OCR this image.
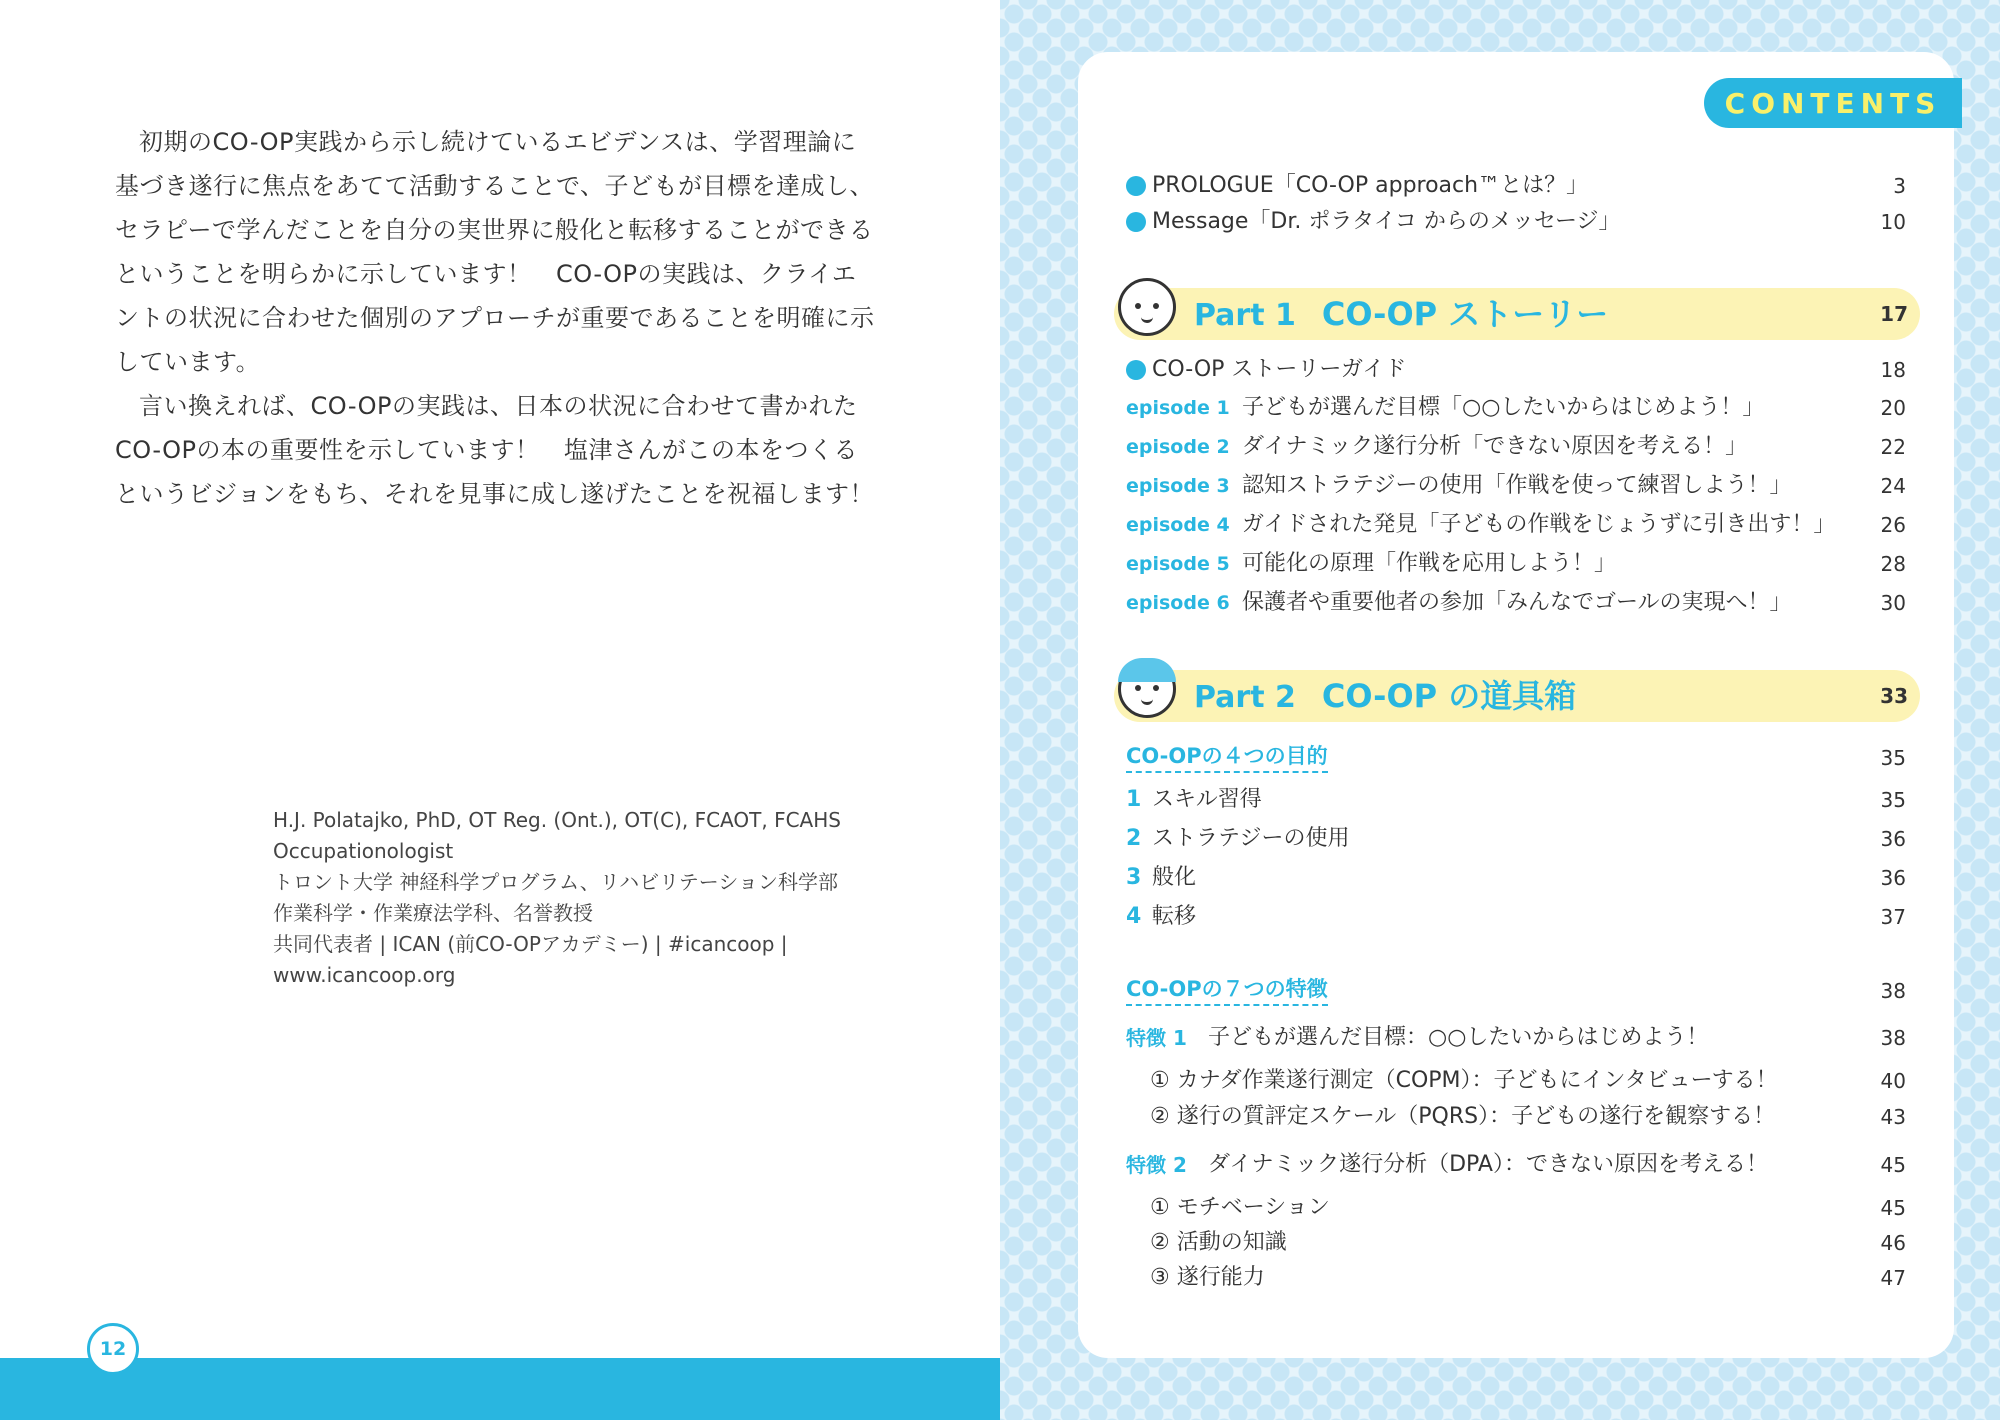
初期のCO-OP実践から示し続けているエビデンスは、学習理論に基づき遂行に焦点をあてて活動することで、子どもが目標を達成し、セラピーで学んだことを自分の実世界に般化と転移することができるということを明らかに示しています！　CO-OPの実践は、クライエントの状況に合わせた個別のアプローチが重要であることを明確に示しています。

言い換えれば、CO-OPの実践は、日本の状況に合わせて書かれたCO-OPの本の重要性を示しています！　塩津さんがこの本をつくるというビジョンをもち、それを見事に成し遂げたことを祝福します！

H.J. Polatajko, PhD, OT Reg. (Ont.), OT(C), FCAOT, FCAHS
Occupationologist
トロント大学 神経科学プログラム、リハビリテーション科学部
作業科学・作業療法学科、名誉教授
共同代表者 | ICAN (前CO-OPアカデミー) | #icancoop |
www.icancoop.org
12
CONTENTS
PROLOGUE「CO-OP approach™とは？」	3
Message「Dr. ポラタイコ からのメッセージ」	10
Part 1 CO-OP ストーリー	17
CO-OP ストーリーガイド	18
episode 1 子どもが選んだ目標「○○したいからはじめよう！」	20
episode 2 ダイナミック遂行分析「できない原因を考える！」	22
episode 3 認知ストラテジーの使用「作戦を使って練習しよう！」	24
episode 4 ガイドされた発見「子どもの作戦をじょうずに引き出す！」 26
episode 5 可能化の原理「作戦を応用しよう！」	28
episode 6 保護者や重要他者の参加「みんなでゴールの実現へ！」	30
Part 2 CO-OP の道具箱	33
CO-OPの４つの目的	35
1 スキル習得	35
2 ストラテジーの使用	36
3 般化	36
4 転移	37
CO-OPの７つの特徴	38
特徴 1 子どもが選んだ目標：○○したいからはじめよう！	38
① カナダ作業遂行測定（COPM）：子どもにインタビューする！	40
② 遂行の質評定スケール（PQRS）：子どもの遂行を観察する！	43
特徴 2 ダイナミック遂行分析（DPA）：できない原因を考える！	45
① モチベーション	45
② 活動の知識	46
③ 遂行能力	47
